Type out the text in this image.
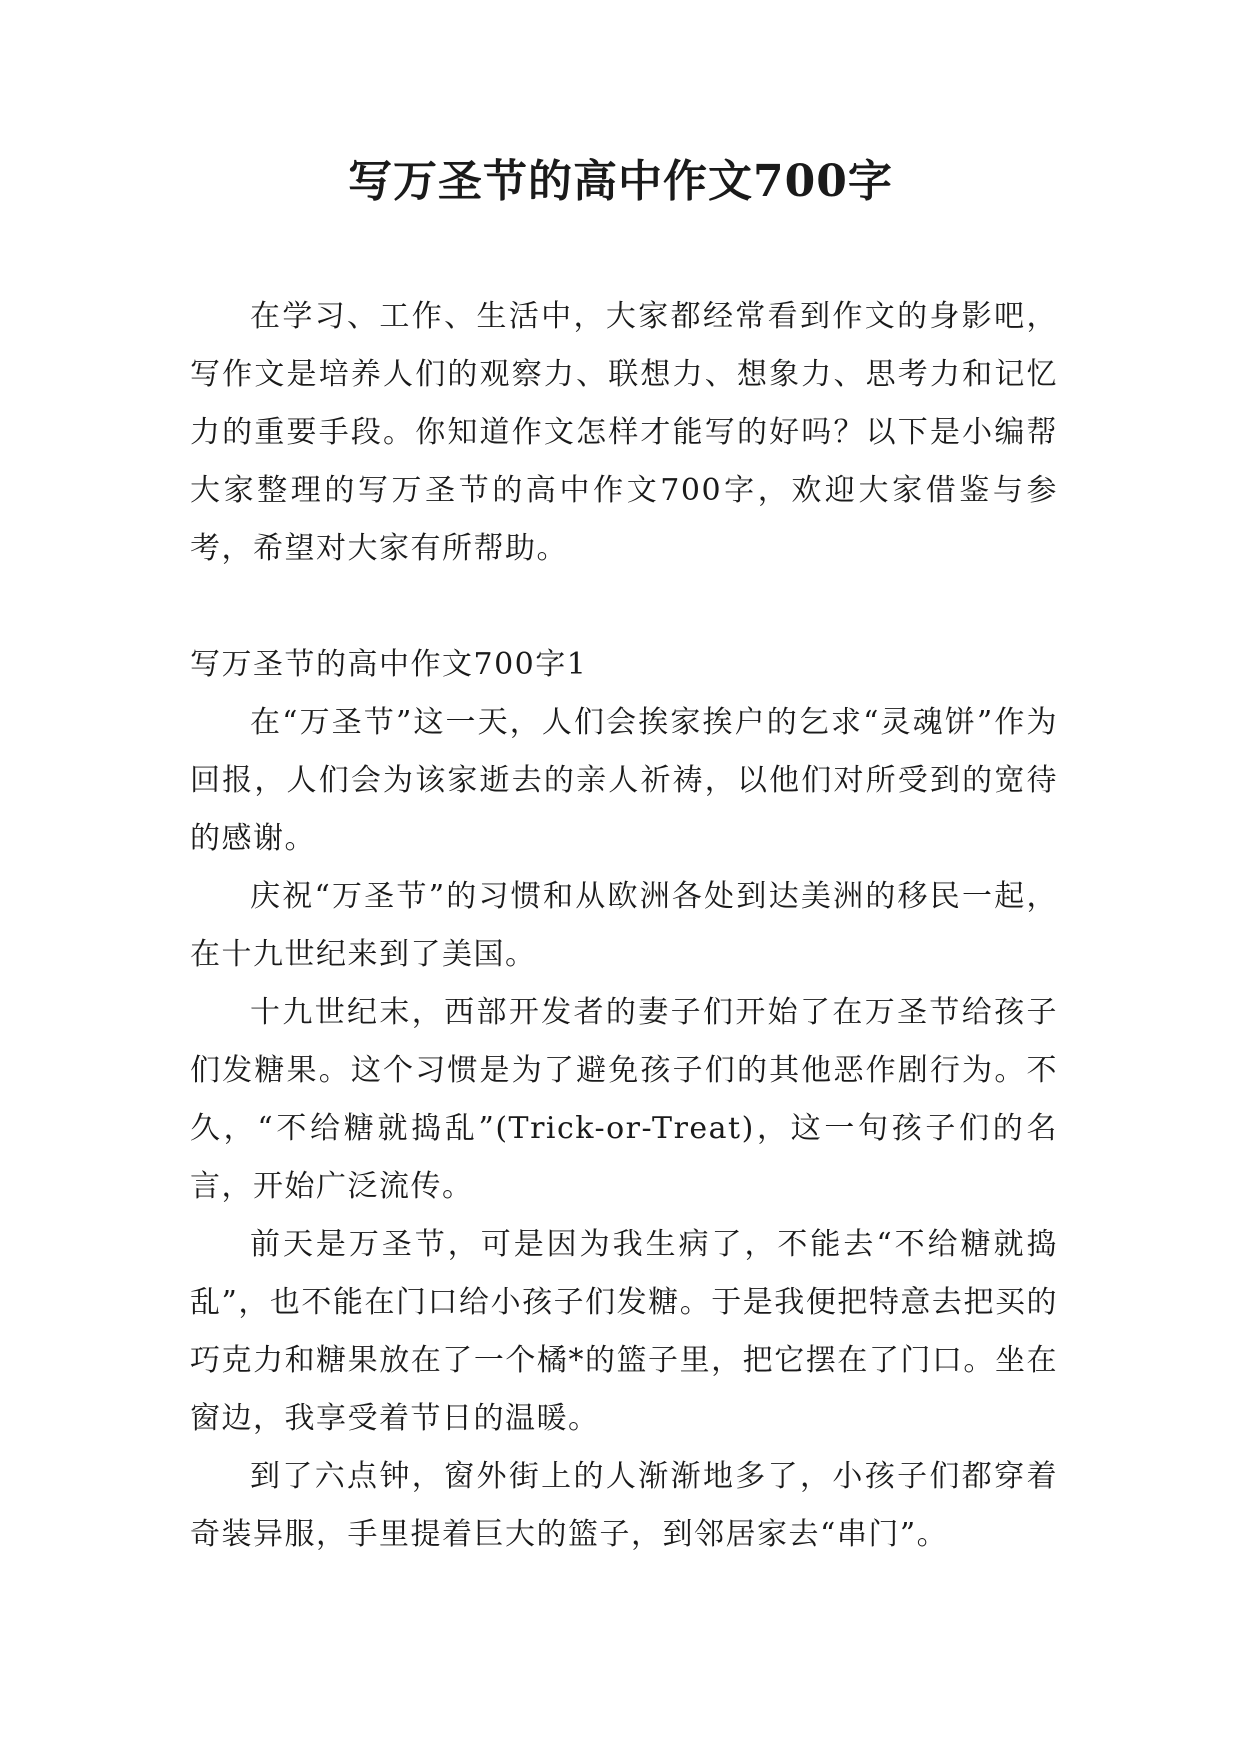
写万圣节的高中作文700字

在学习、工作、生活中，大家都经常看到作文的身影吧，写作文是培养人们的观察力、联想力、想象力、思考力和记忆力的重要手段。你知道作文怎样才能写的好吗？以下是小编帮大家整理的写万圣节的高中作文700字，欢迎大家借鉴与参考，希望对大家有所帮助。

写万圣节的高中作文700字1

在“万圣节”这一天，人们会挨家挨户的乞求“灵魂饼”作为回报，人们会为该家逝去的亲人祈祷，以他们对所受到的宽待的感谢。

庆祝“万圣节”的习惯和从欧洲各处到达美洲的移民一起，在十九世纪来到了美国。

十九世纪末，西部开发者的妻子们开始了在万圣节给孩子们发糖果。这个习惯是为了避免孩子们的其他恶作剧行为。不久，“不给糖就捣乱”(Trick-or-Treat)，这一句孩子们的名言，开始广泛流传。

前天是万圣节，可是因为我生病了，不能去“不给糖就捣乱”，也不能在门口给小孩子们发糖。于是我便把特意去把买的巧克力和糖果放在了一个橘*的篮子里，把它摆在了门口。坐在窗边，我享受着节日的温暖。

到了六点钟，窗外街上的人渐渐地多了，小孩子们都穿着奇装异服，手里提着巨大的篮子，到邻居家去“串门”。
